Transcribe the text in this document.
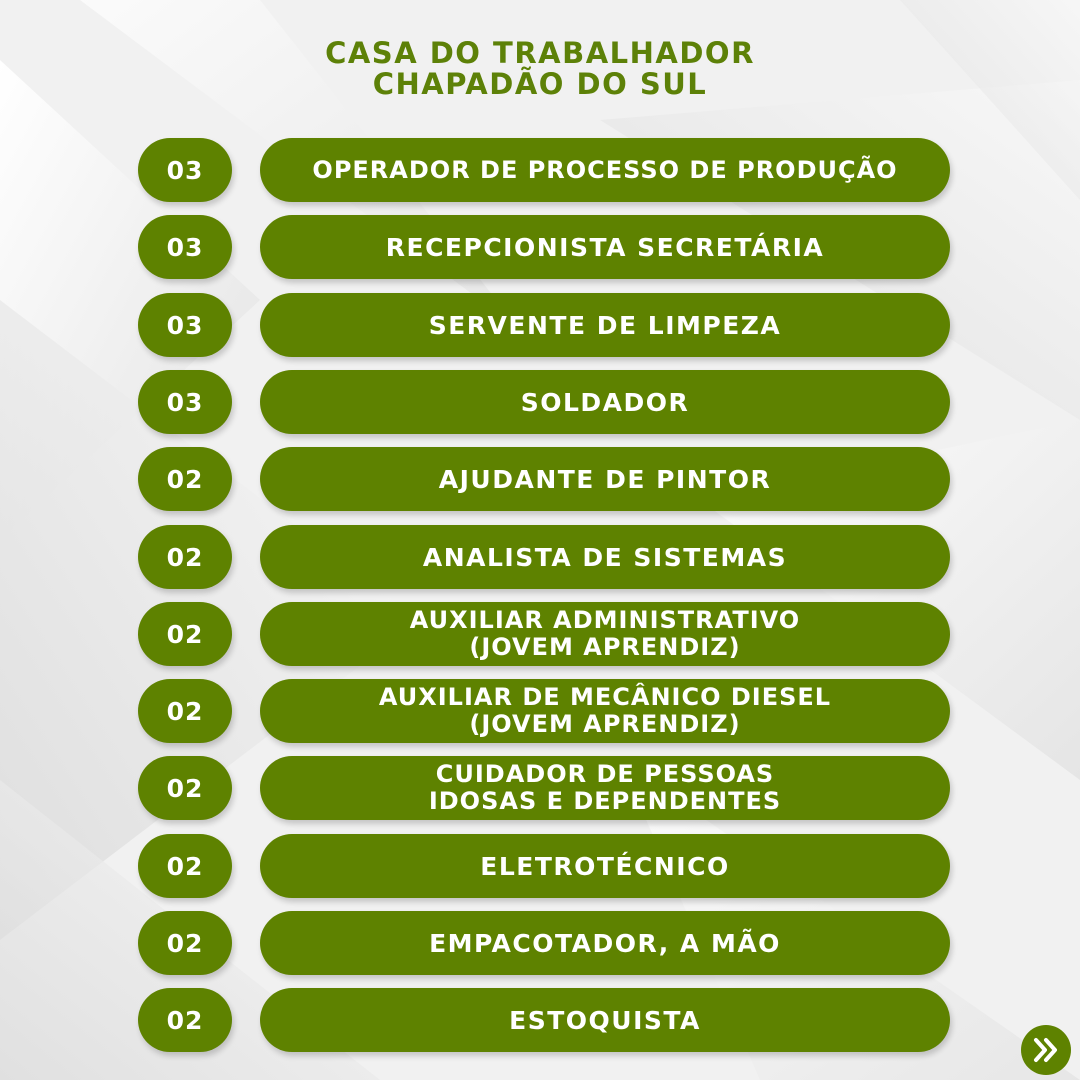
CASA DO TRABALHADOR
CHAPADÃO DO SUL
03	OPERADOR DE PROCESSO DE PRODUÇÃO
03	RECEPCIONISTA SECRETÁRIA
03	SERVENTE DE LIMPEZA
03	SOLDADOR
02	AJUDANTE DE PINTOR
02	ANALISTA DE SISTEMAS
02	AUXILIAR ADMINISTRATIVO
(JOVEM APRENDIZ)
02	AUXILIAR DE MECÂNICO DIESEL
(JOVEM APRENDIZ)
02	CUIDADOR DE PESSOAS
IDOSAS E DEPENDENTES
02	ELETROTÉCNICO
02	EMPACOTADOR, A MÃO
02	ESTOQUISTA
